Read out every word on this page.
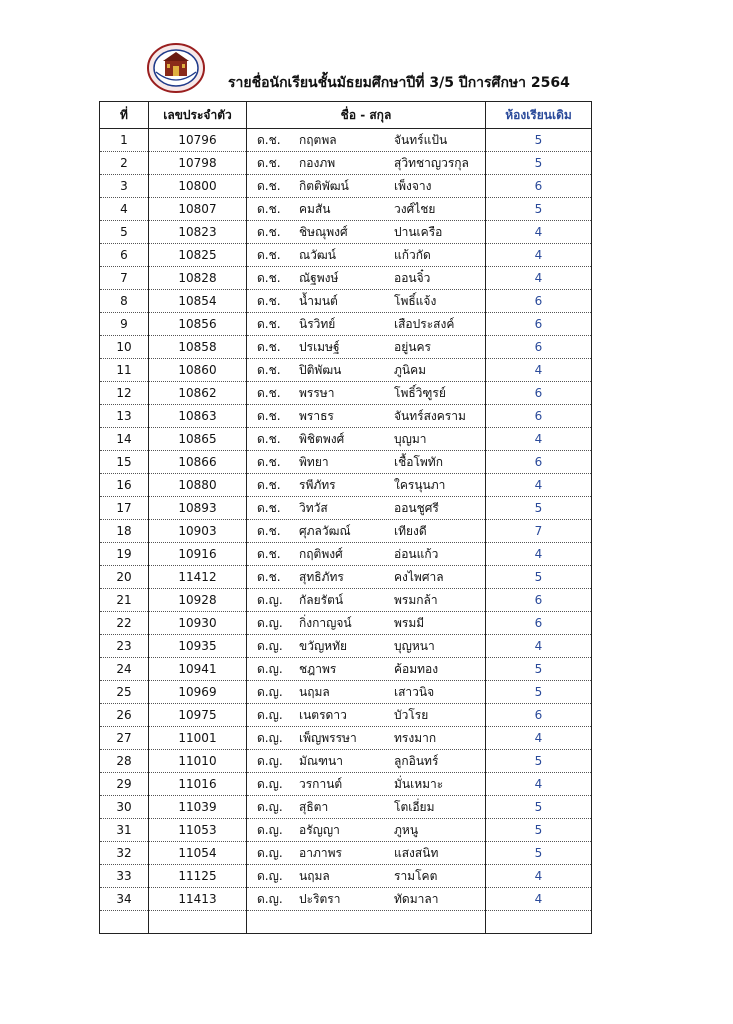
รายชื่อนักเรียนชั้นมัธยมศึกษาปีที่ 3/5 ปีการศึกษา 2564
ที่	เลขประจำตัว	ชื่อ - สกุล	ห้องเรียนเดิม
1	10796	ด.ช. กฤตพล จันทร์แป้น	5
2	10798	ด.ช. กองภพ สุวิทชาญวรกุล	5
3	10800	ด.ช. กิตติพัฒน์ เพ็งจาง	6
4	10807	ด.ช. คมสัน วงศ์ไชย	5
5	10823	ด.ช. ชิษณุพงศ์ ปานเครือ	4
6	10825	ด.ช. ณวัฒน์ แก้วกัด	4
7	10828	ด.ช. ณัฐพงษ์ ออนจิ๋ว	4
8	10854	ด.ช. น้ำมนต์ โพธิ์แจ้ง	6
9	10856	ด.ช. นิรวิทย์ เสือประสงค์	6
10	10858	ด.ช. ปรเมษฐ์ อยู่นคร	6
11	10860	ด.ช. ปิติพัฒน ภูนิคม	4
12	10862	ด.ช. พรรษา โพธิ์วิฑูรย์	6
13	10863	ด.ช. พราธร จันทร์สงคราม	6
14	10865	ด.ช. พิชิตพงศ์ บุญมา	4
15	10866	ด.ช. พิทยา เชื้อโพทัก	6
16	10880	ด.ช. รพีภัทร ใครนุนภา	4
17	10893	ด.ช. วิทวัส ออนชูศรี	5
18	10903	ด.ช. ศุภลวัฒณ์ เทียงดี	7
19	10916	ด.ช. กฤติพงศ์ อ่อนแก้ว	4
20	11412	ด.ช. สุทธิภัทร คงไพศาล	5
21	10928	ด.ญ. กัลยรัตน์ พรมกล้า	6
22	10930	ด.ญ. กิ่งกาญจน์ พรมมี	6
23	10935	ด.ญ. ขวัญหทัย บุญหนา	4
24	10941	ด.ญ. ชฎาพร ค้อมทอง	5
25	10969	ด.ญ. นฤมล เสาวนิจ	5
26	10975	ด.ญ. เนตรดาว บัวโรย	6
27	11001	ด.ญ. เพ็ญพรรษา ทรงมาก	4
28	11010	ด.ญ. มัณฑนา ลูกอินทร์	5
29	11016	ด.ญ. วรกานต์ มั่นเหมาะ	4
30	11039	ด.ญ. สุธิตา โตเอี่ยม	5
31	11053	ด.ญ. อรัญญา ภูหนู	5
32	11054	ด.ญ. อาภาพร แสงสนิท	5
33	11125	ด.ญ. นฤมล รามโคต	4
34	11413	ด.ญ. ปะริตรา ทัดมาลา	4
